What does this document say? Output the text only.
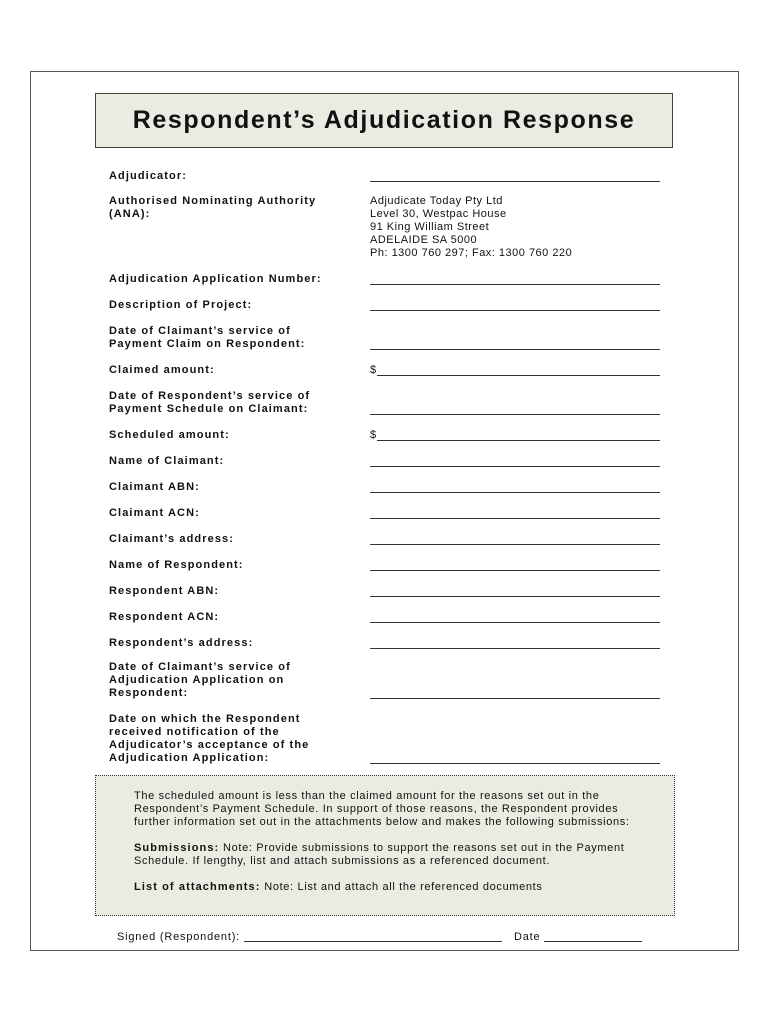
Respondent’s Adjudication Response
Adjudicator:
Authorised Nominating Authority
(ANA):
Adjudicate Today Pty Ltd
Level 30, Westpac House
91 King William Street
ADELAIDE SA 5000
Ph: 1300 760 297; Fax: 1300 760 220
Adjudication Application Number:
Description of Project:
Date of Claimant’s service of
Payment Claim on Respondent:
Claimed amount:	$
Date of Respondent’s service of
Payment Schedule on Claimant:
Scheduled amount:	$
Name of Claimant:
Claimant ABN:
Claimant ACN:
Claimant’s address:
Name of Respondent:
Respondent ABN:
Respondent ACN:
Respondent’s address:
Date of Claimant’s service of
Adjudication Application on
Respondent:
Date on which the Respondent
received notification of the
Adjudicator’s acceptance of the
Adjudication Application:

The scheduled amount is less than the claimed amount for the reasons set out in the Respondent’s Payment Schedule. In support of those reasons, the Respondent provides further information set out in the attachments below and makes the following submissions:

Submissions: Note: Provide submissions to support the reasons set out in the Payment Schedule. If lengthy, list and attach submissions as a referenced document.

List of attachments: Note: List and attach all the referenced documents

Signed (Respondent):	Date
